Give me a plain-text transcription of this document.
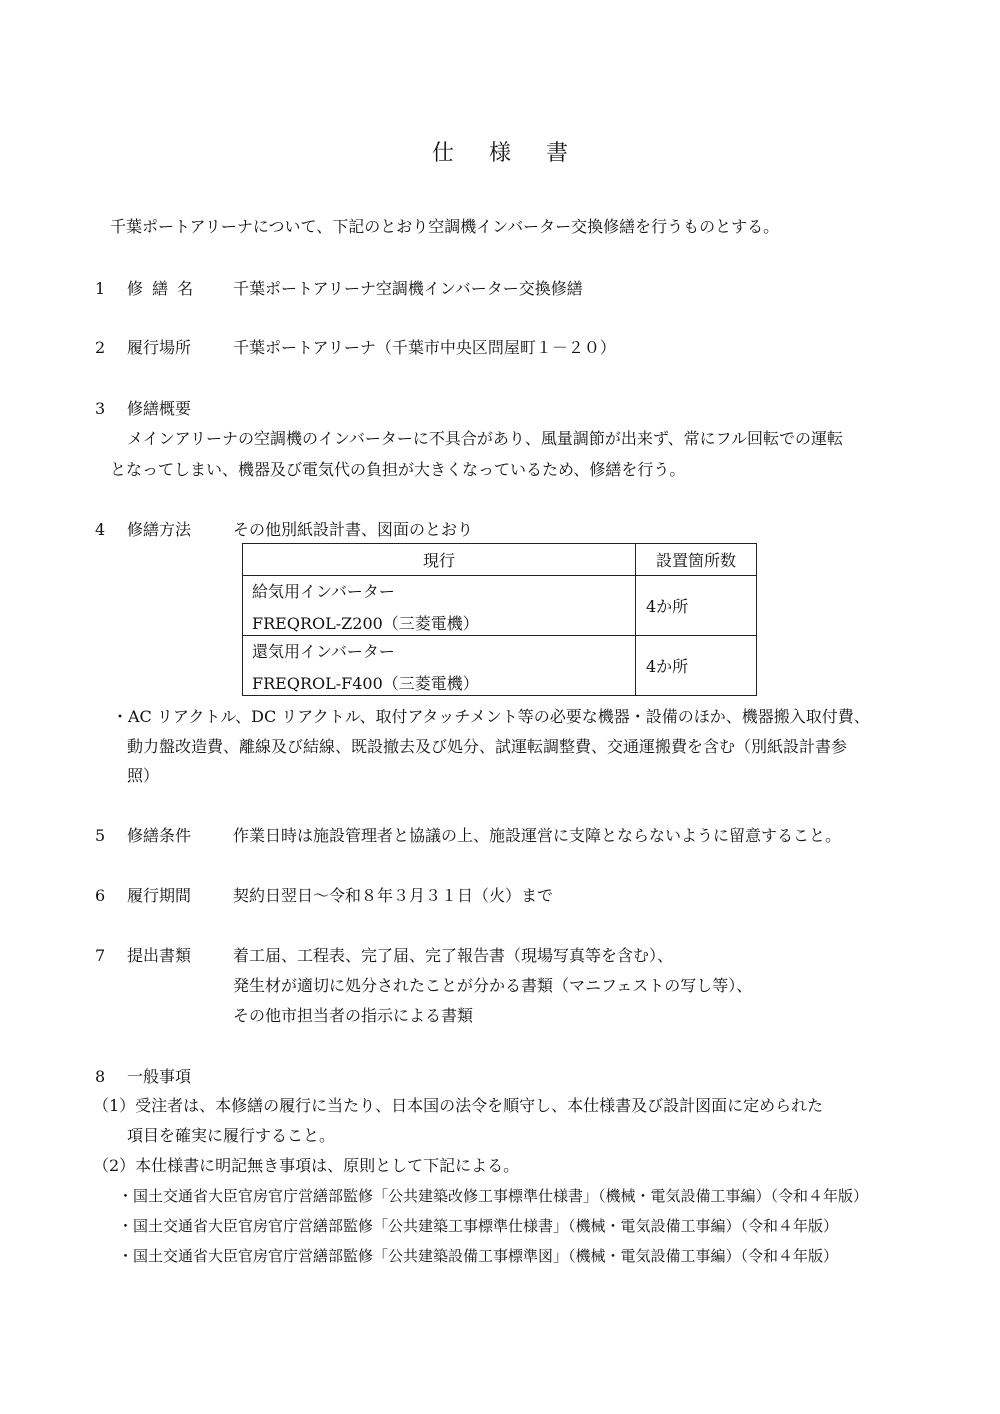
仕 様 書
千葉ポートアリーナについて、下記のとおり空調機インバーター交換修繕を行うものとする。
1 修 繕 名 千葉ポートアリーナ空調機インバーター交換修繕
2 履行場所	千葉ポートアリーナ（千葉市中央区問屋町１－２０）
3 修繕概要
メインアリーナの空調機のインバーターに不具合があり、風量調節が出来ず、常にフル回転での運転
となってしまい、機器及び電気代の負担が大きくなっているため、修繕を行う。
4 修繕方法	その他別紙設計書、図面のとおり
現行	設置箇所数

給気用インバーター
FREQROL-Z200（三菱電機）	4か所

還気用インバーター
FREQROL-F400（三菱電機）	4か所
・AC リアクトル、DC リアクトル、取付アタッチメント等の必要な機器・設備のほか、機器搬入取付費、
動力盤改造費、離線及び結線、既設撤去及び処分、試運転調整費、交通運搬費を含む（別紙設計書参
照）
5 修繕条件	作業日時は施設管理者と協議の上、施設運営に支障とならないように留意すること。
6 履行期間	契約日翌日～令和８年３月３１日（火）まで
7 提出書類	着工届、工程表、完了届、完了報告書（現場写真等を含む）、
発生材が適切に処分されたことが分かる書類（マニフェストの写し等）、
その他市担当者の指示による書類
8 一般事項
（1）受注者は、本修繕の履行に当たり、日本国の法令を順守し、本仕様書及び設計図面に定められた
項目を確実に履行すること。
（2）本仕様書に明記無き事項は、原則として下記による。
・国土交通省大臣官房官庁営繕部監修「公共建築改修工事標準仕様書」（機械・電気設備工事編）（令和４年版）
・国土交通省大臣官房官庁営繕部監修「公共建築工事標準仕様書」（機械・電気設備工事編）（令和４年版）
・国土交通省大臣官房官庁営繕部監修「公共建築設備工事標準図」（機械・電気設備工事編）（令和４年版）
